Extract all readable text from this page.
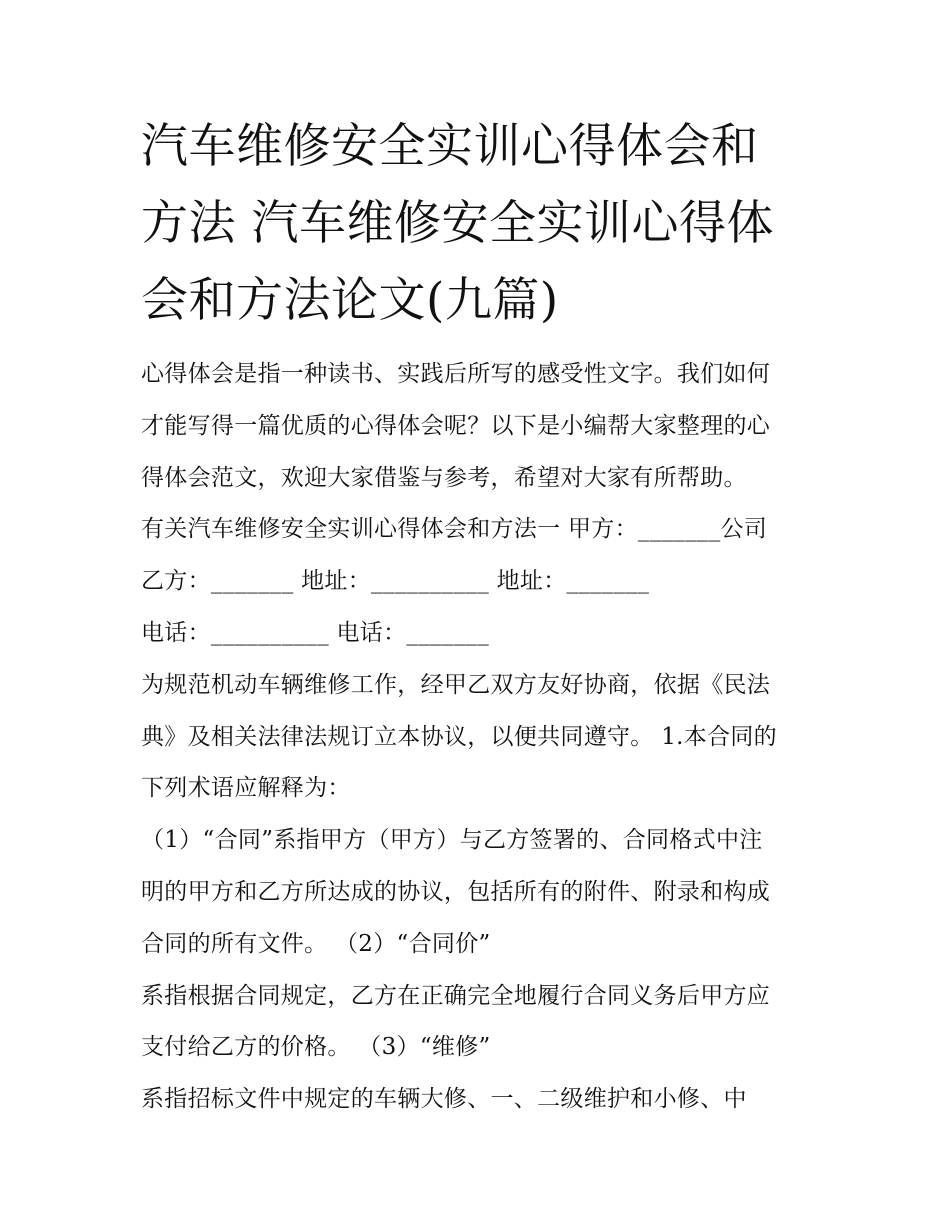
汽车维修安全实训心得体会和
方法 汽车维修安全实训心得体
会和方法论文(九篇)
心得体会是指一种读书、实践后所写的感受性文字。我们如何
才能写得一篇优质的心得体会呢？以下是小编帮大家整理的心
得体会范文，欢迎大家借鉴与参考，希望对大家有所帮助。
有关汽车维修安全实训心得体会和方法一 甲方：_______公司
乙方：_______ 地址：__________ 地址：_______
电话：__________ 电话：_______
为规范机动车辆维修工作，经甲乙双方友好协商，依据《民法
典》及相关法律法规订立本协议，以便共同遵守。 1.本合同的
下列术语应解释为：
（1）“合同”系指甲方（甲方）与乙方签署的、合同格式中注
明的甲方和乙方所达成的协议，包括所有的附件、附录和构成
合同的所有文件。 （2）“合同价”
系指根据合同规定，乙方在正确完全地履行合同义务后甲方应
支付给乙方的价格。 （3）“维修”
系指招标文件中规定的车辆大修、一、二级维护和小修、中
